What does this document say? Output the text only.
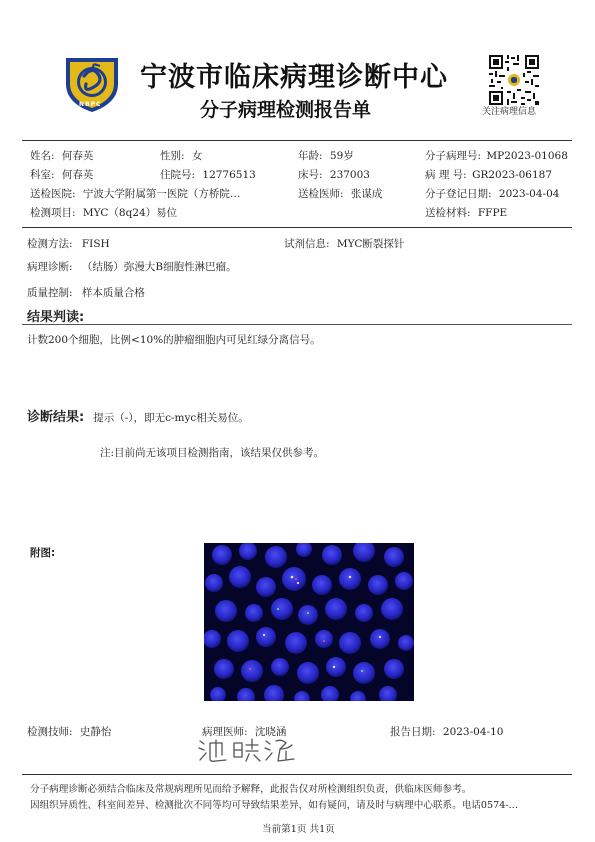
NBPC
宁波市临床病理诊断中心
分子病理检测报告单	关注病理信息
姓名: 何春英	性别: 女	年龄: 59岁	分子病理号: MP2023-01068
科室: 何春英	住院号: 12776513	床号: 237003	病 理 号: GR2023-06187
送检医院: 宁波大学附属第一医院（方桥院…	送检医师: 张谋成	分子登记日期: 2023-04-04
检测项目: MYC（8q24）易位	送检材料: FFPE
检测方法: FISH	试剂信息: MYC断裂探针
病理诊断: （结肠）弥漫大B细胞性淋巴瘤。
质量控制: 样本质量合格
结果判读:
计数200个细胞，比例<10%的肿瘤细胞内可见红绿分离信号。
诊断结果: 提示（-），即无c-myc相关易位。
注:目前尚无该项目检测指南，该结果仅供参考。
附图:
检测技师: 史静怡	病理医师: 沈晓涵	报告日期: 2023-04-10
分子病理诊断必须结合临床及常规病理所见而给予解释，此报告仅对所检测组织负责，供临床医师参考。
因组织异质性、科室间差异、检测批次不同等均可导致结果差异，如有疑问，请及时与病理中心联系。电话0574-…
当前第1页 共1页
